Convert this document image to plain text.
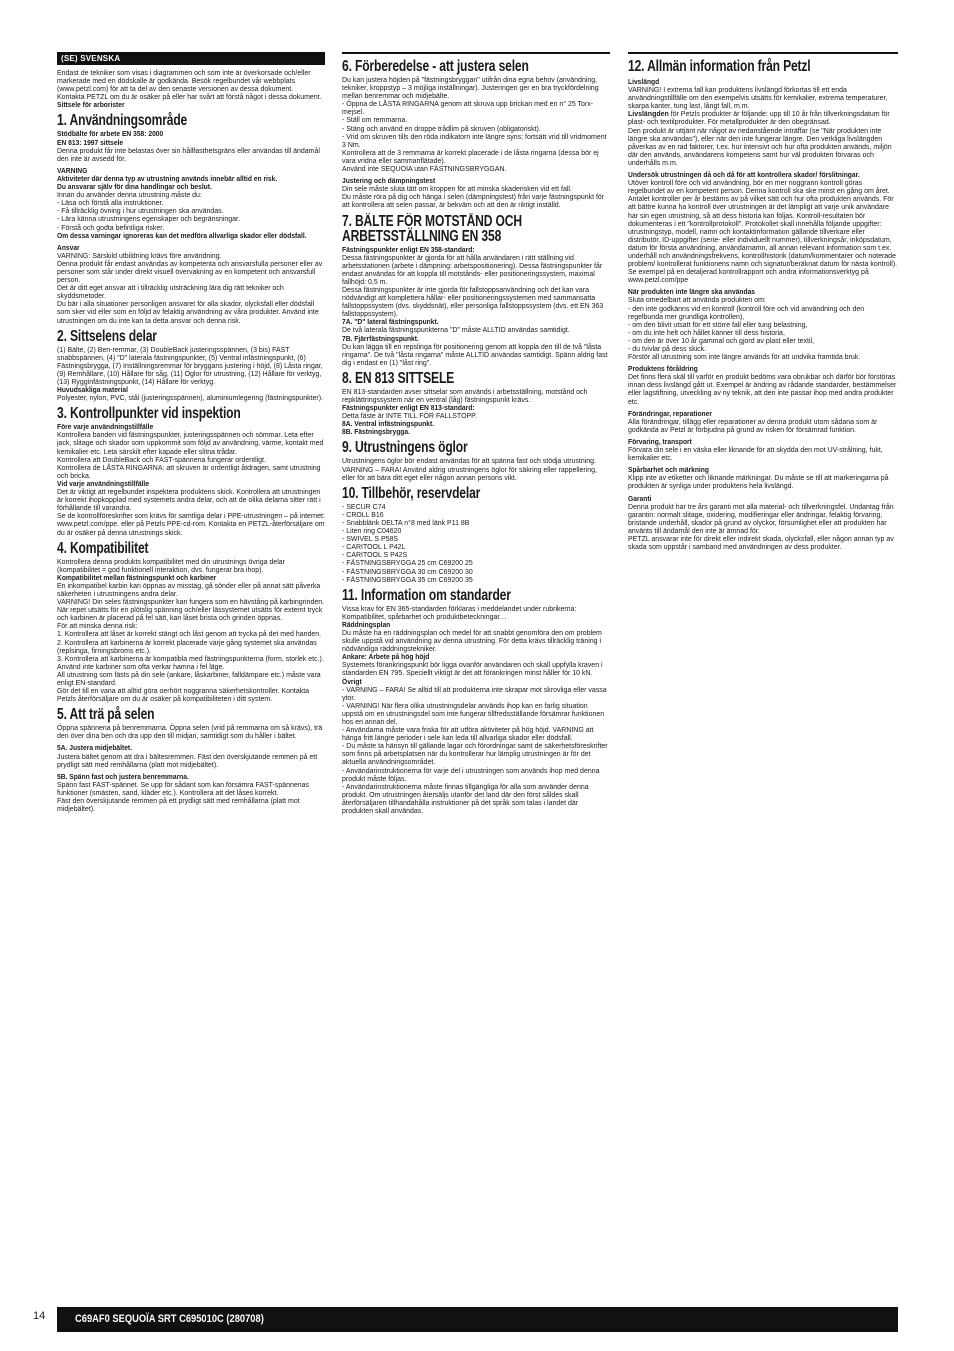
(SE) SVENSKA
Endast de tekniker som visas i diagrammen och som inte är överkorsade och/eller markerade med en dödskalle är godkända. Besök regelbundet vår webbplats (www.petzl.com) för att ta del av den senaste versionen av dessa dokument.
Kontakta PETZL om du är osäker på eller har svårt att förstå något i dessa dokument.
Sittsele för arborister
1. Användningsområde
Stödbälte för arbete EN 358: 2000
EN 813: 1997 sittsele
Denna produkt får inte belastas över sin hållfasthetsgräns eller användas till ändamål den inte är avsedd för.
VARNING
Aktiviteter där denna typ av utrustning används innebär alltid en risk.
Du ansvarar själv för dina handlingar och beslut.
Innan du använder denna utrustning måste du:
- Läsa och förstå alla instruktioner.
- Få tillräcklig övning i hur utrustningen ska användas.
- Lära känna utrustningens egenskaper och begränsningar.
- Förstå och godta befintliga risker.
Om dessa varningar ignoreras kan det medföra allvarliga skador eller dödsfall.
Ansvar
VARNING: Särskild utbildning krävs före användning.
Denna produkt får endast användas av kompetenta och ansvarsfulla personer eller av personer som står under direkt visuell övervakning av en kompetent och ansvarsfull person.
Det är ditt eget ansvar att i tillräcklig utsträckning lära dig rätt tekniker och skyddsmetoder.
Du bär i alla situationer personligen ansvaret för alla skador, olycksfall eller dödsfall som sker vid eller som en följd av felaktig användning av våra produkter. Använd inte utrustningen om du inte kan ta detta ansvar och denna risk.
2. Sittselens delar
(1) Bälte, (2) Ben-remmar, (3) DoubleBack justeringsspännen, (3 bis) FAST snabbspännen, (4) "D" laterala fästningspunkter, (5) Ventral infästningspunkt, (6) Fästningsbrygga, (7) Inställningsremmar för bryggans justering i höjd, (8) Låsta ringar, (9) Remhållare, (10) Hållare för såg, (11) Öglor för utrustning, (12) Hållare för verktyg, (13) Rygginfästningspunkt, (14) Hållare för verktyg.
Huvudsakliga material
Polyester, nylon, PVC, stål (justeringsspännen), aluminiumlegering (fästningspunkter).
3. Kontrollpunkter vid inspektion
Före varje användningstillfälle
Kontrollera banden vid fästningspunkter, justeringsspännen och sömmar. Leta efter jack, slitage och skador som uppkommit som följd av användning, värme, kontakt med kemikalier etc. Leta särskilt efter kapade eller slitna trådar.
Kontrollera att DoubleBack och FAST-spännena fungerar ordentligt.
Kontrollera de LÅSTA RINGARNA: att skruven är ordentligt åtdragen, samt utrustning och bricka.
Vid varje användningstillfälle
Det är viktigt att regelbundet inspektera produktens skick. Kontrollera att utrustningen är korrekt ihopkopplad med systemets andra delar, och att de olika delarna sitter rätt i förhållande till varandra.
Se de kontrollföreskrifter som krävs för samtliga delar i PPE-utrustningen – på internet: www.petzl.com/ppe. eller på Petzls PPE-cd-rom. Kontakta en PETZL-återförsäljare om du är osäker på denna utrustnings skick.
4. Kompatibilitet
Kontrollera denna produkts kompatibilitet med din utrustnings övriga delar (kompatibilitet = god funktionell interaktion, dvs. fungerar bra ihop).
Kompatibilitet mellan fästningspunkt och karbiner
En inkompatibel karbin kan öppnas av misstag, gå sönder eller på annat sätt påverka säkerheten i utrustningens andra delar.
VARNING! Din seles fästningspunkter kan fungera som en hävstång på karbingrinden. När repet utsätts för en plötslig spänning och/eller lässystemet utsätts för externt tryck och karbinen är placerad på fel sätt, kan låset brista och grinden öppnas.
För att minska denna risk:
1. Kontrollera att låset är korrekt stängt och låst genom att trycka på det med handen.
2. Kontrollera att karbinerna är korrekt placerade varje gång systemet ska användas (replsinga, firningsbroms etc.).
3. Kontrollera att karbinerna är kompatibla med fästningspunkterna (form, storlek etc.). Använd inte karbiner som ofta verkar hamna i fel läge.
All utrustning som fästs på din sele (ankare, låskarbiner, falldämpare etc.) måste vara enligt EN-standard.
Gör det till en vana att alltid göra oerhört noggranna säkerhetskontroller. Kontakta Petzls återförsäljare om du är osäker på kompatibiliteten i ditt system.
5. Att trä på selen
Öppna spännena på benremmarna. Öppna selen (vrid på remmarna om så krävs), trä den över dina ben och dra upp den till midjan, samtidigt som du håller i bältet.
5A. Justera midjebältet.
Justera bältet genom att dra i bältesremmen. Fäst den överskjutande remmen på ett prydligt sätt med remhållarna (platt mot midjebältet).
5B. Spänn fast och justera benremmarna.
Spänn fast FAST-spännet. Se upp för sådant som kan försämra FAST-spännenas funktioner (smästen, sand, kläder etc.). Kontrollera att det låses korrekt.
Fäst den överskjutande remmen på ett prydligt sätt med remhållarna (platt mot midjebältet).
6. Förberedelse - att justera selen
Du kan justera höjden på "fästningsbryggan" utifrån dina egna behov (användning, tekniker, kroppstyp – 3 möjliga inställningar). Justeringen ger en bra tryckfördelning mellan benremmar och midjebälte.
- Öppna de LÅSTA RINGARNA genom att skruva upp brickan med en n° 25 Torx-mejsel.
- Ställ om remmarna.
- Stäng och använd en droppe trådlim på skruven (obligatoriskt).
- Vrid om skruven tills den röda indikatorn inte längre syns; fortsätt vrid till vridmoment 3 Nm.
Kontrollera att de 3 remmarna är korrekt placerade i de låsta ringarna (dessa bör ej vara vridna eller sammanflätade).
Använd inte SEQUOIA utan FÄSTNINGSBRYGGAN.
Justering och dämpningstest
Din sele måste sluta tätt om kroppen för att minska skaderisken vid ett fall.
Du måste röra på dig och hänga i selen (dämpningstest) från varje fästningspunkt för att kontrollera att selen passar, är bekväm och att den är riktigt inställd.
7. BÄLTE FÖR MOTSTÅND OCH ARBETSSTÄLLNING EN 358
Fästningspunkter enligt EN 358-standard:
Dessa fästningspunkter är gjorda för att hålla användaren i rätt ställning vid arbetsstationen (arbete i dämpning: arbetspositionering). Dessa fästningspunkter får endast användas för att koppla till motstånds- eller positioneringssystem, maximal fallhöjd: 0,5 m.
Dessa fästningspunkter är inte gjorda för fallstoppsanvändning och det kan vara nödvändigt att komplettera hållar- eller positioneringssystemen med sammansatta fallstoppssystem (dvs. skyddsnät), eller personliga fallstoppssystem (dvs. ett EN 363 fallstoppssystem).
7A. "D" lateral fästningspunkt.
De två laterala fästningspunkterna "D" måste ALLTID användas samtidigt.
7B. Fjärrfästningspunkt.
Du kan lägga till en repslinga för positionering genom att koppla den till de två "låsta ringarna". De två "låsta ringarna" måste ALLTID användas samtidigt. Spänn aldrig fast dig i endast en (1) "låst ring".
8. EN 813 SITTSELE
EN 813-standarden avser sittselar som används i arbetsställning, motstånd och repklättringssystem när en ventral (låg) fästningspunkt krävs.
Fästningspunkter enligt EN 813-standard:
Detta fäste är INTE TILL FÖR FALLSTOPP.
8A. Ventral infästningspunkt.
8B. Fästningsbrygga.
9. Utrustningens öglor
Utrustningens öglor bör endast användas för att spänna fast och stödja utrustning.
VARNING – FARA! Använd aldrig utrustningens öglor för säkring eller rappellering, eller för att bära ditt eget eller någon annan persons vikt.
10. Tillbehör, reservdelar
- SECUR C74
- CROLL B16
- Snabblänk DELTA n°8 med länk P11 8B
- Liten ring C04620
- SWIVEL S P58S
- CARITOOL L P42L
- CARITOOL S P42S
- FÄSTNINGSBRYGGA 25 cm C69200 25
- FÄSTNINGSBRYGGA 30 cm C69200 30
- FÄSTNINGSBRYGGA 35 cm C69200 35
11. Information om standarder
Vissa krav för EN 365-standarden förklaras i meddelandet under rubrikerna: Kompatibilitet, spårbarhet och produktbeteckningar…
Räddningsplan
Du måste ha en räddningsplan och medel för att snabbt genomföra den om problem skulle uppstå vid användning av denna utrustning. För detta krävs tillräcklig träning i nödvändiga räddningstekniker.
Ankare: Arbete på hög höjd
Systemets förankringspunkt bör ligga ovanför användaren och skall uppfylla kraven i standarden EN 795. Speciellt viktigt är det att förankringen minst håller för 10 kN.
Övrigt
- VARNING – FARA! Se alltid till att produkterna inte skrapar mot skrovliga eller vassa ytor.
- VARNING! När flera olika utrustningsdelar används ihop kan en farlig situation uppstå om en utrustningsdel som inte fungerar tillfredsställande försämrar funktionen hos en annan del.
- Användarna måste vara friska för att utföra aktiviteter på hög höjd. VARNING att hänga fritt längre perioder i sele kan leda till allvarliga skador eller dödsfall.
- Du måste ta hänsyn till gällande lagar och förordningar samt de säkerhetsföreskrifter som finns på arbetsplatsen när du kontrollerar hur lämplig utrustningen är för det aktuella användningsområdet.
- Användarinstruktionerna för varje del i utrustningen som används ihop med denna produkt måste följas.
- Användarinstruktionerna måste finnas tillgängliga för alla som använder denna produkt. Om utrustningen återsäljs utanför det land där den först såldes skall återförsäljaren tillhandahålla instruktioner på det språk som talas i landet där produkten skall användas.
12. Allmän information från Petzl
Livslängd
VARNING! I extrema fall kan produktens livslängd förkortas till ett enda användningstillfälle om den exempelvis utsätts för kemikalier, extrema temperaturer, skarpa kanter, tung last, långt fall, m.m.
Livslängden för Petzls produkter är följande: upp till 10 år från tillverkningsdatum för plast- och textilprodukter. För metallprodukter är den obegränsad.
Den produkt är uttjänt när något av nedanstående inträffar (se "När produkten inte längre ska användas"), eller när den inte fungerar längre. Den verkliga livslängden påverkas av en rad faktorer, t.ex. hur intensivt och hur ofta produkten används, miljön där den används, användarens kompetens samt hur väl produkten förvaras och underhålls m.m.
Undersök utrustningen då och då för att kontrollera skador/ förslitningar.
Utöver kontroll före och vid användning, bör en mer noggrann kontroll göras regelbundet av en kompetent person. Denna kontroll ska ske minst en gång om året. Antalet kontroller per år bestäms av på vilket sätt och hur ofta produkten används. För att bättre kunna ha kontroll över utrustningen är det lämpligt att varje unik användare har sin egen utrustning, så att dess historia kan följas. Kontroll-resultaten bör dokumenteras i ett "kontrollprotokoll". Protokollet skall innehålla följande uppgifter: utrustningstyp, modell, namn och kontaktinformation gällande tillverkare eller distributör, ID-uppgifter (serie- eller individuellt nummer), tillverkningsår, inköpsdatum, datum för första användning, användarnamn, all annan relevant information som t.ex. underhåll och användningsfrekvens, kontrollhistorik (datum/kommentarer och noterade problem/ kontrollerat funktionens namn och signatur/beräknat datum för nästa kontroll). Se exempel på en detaljerad kontrollrapport och andra informationsverktyg på www.petzl.com/ppe
När produkten inte längre ska användas
Sluta omedelbart att använda produkten om:
- den inte godkänns vid en kontroll (kontroll före och vid användning och den regelbunda mer grundliga kontrollen),
- om den blivit utsatt för ett större fall eller tung belastning,
- om du inte helt och hållet känner till dess historia,
- om den är över 10 år gammal och gjord av plast eller textil,
- du tvivlar på dess skick.
Förstör all utrustning som inte längre används för att undvika framtida bruk.
Produktens föråldring
Det finns flera skäl till varför en produkt bedöms vara obrukbar och därför bör förstöras innan dess livslängd gått ut. Exempel är ändring av rådande standarder, bestämmelser eller lagstiftning, utveckling av ny teknik, att den inte passar ihop med andra produkter etc.
Förändringar, reparationer
Alla förändringar, tillägg eller reparationer av denna produkt utom sådana som är godkända av Petzl är förbjudna på grund av risken för försämrad funktion.
Förvaring, transport
Förvara din sele i en väska eller liknande för att skydda den mot UV-strålning, fukt, kemikalier etc.
Spårbarhet och märkning
Klipp inte av etiketter och liknande märkningar. Du måste se till att markeringarna på produkten är synliga under produktens hela livslängd.
Garanti
Denna produkt har tre års garanti mot alla material- och tillverkningsfel. Undantag från garantin: normalt slitage, oxidering, modifieringar eller ändringar, felaktig förvaring, bristande underhåll, skador på grund av olyckor, försumlighet eller att produkten har använts till ändamål den inte är ämnad för.
PETZL ansvarar inte för direkt eller indirekt skada, olycksfall, eller någon annan typ av skada som uppstår i samband med användningen av dess produkter.
14	C69AF0 SEQUOÏA SRT C695010C (280708)
